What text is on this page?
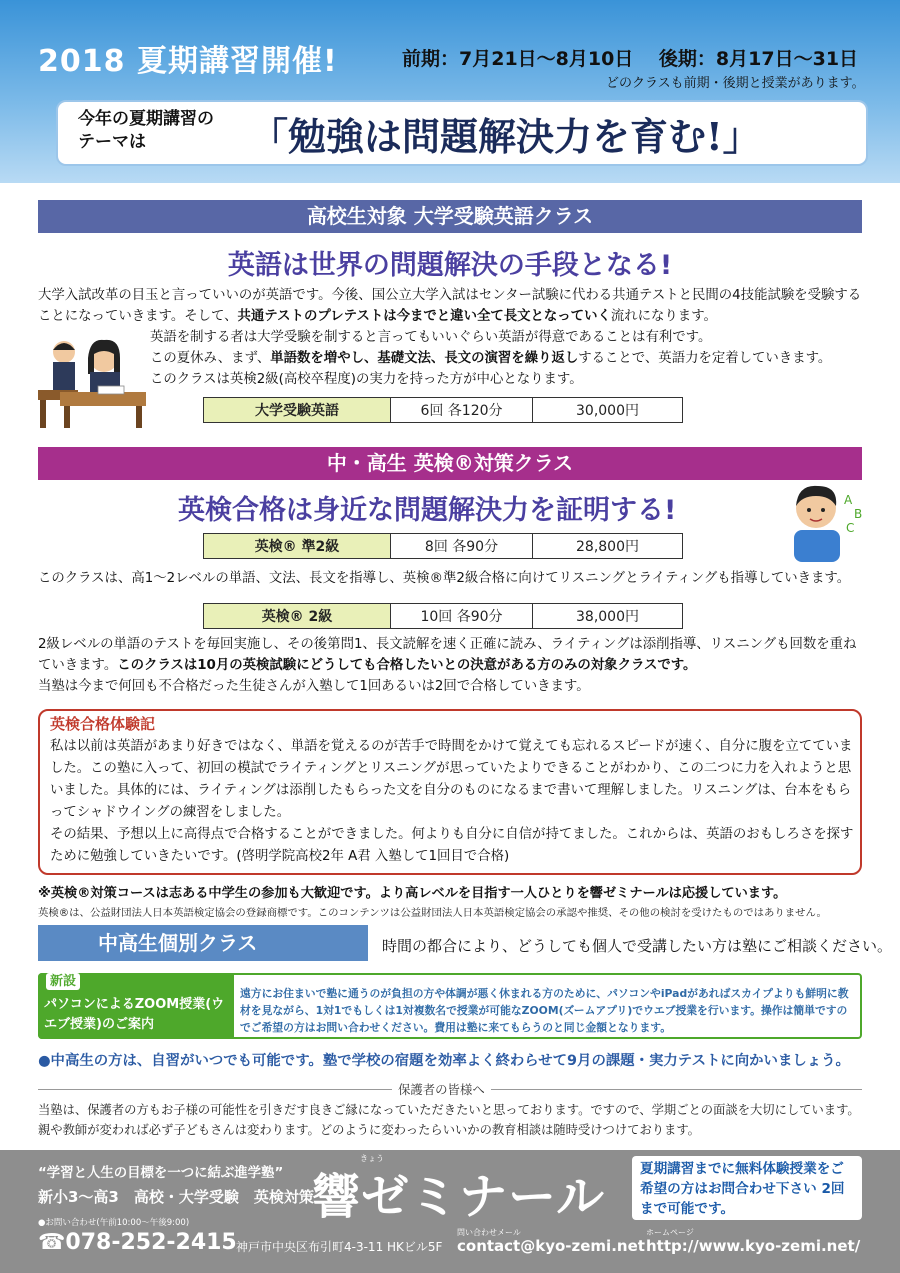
2018 夏期講習開催!	前期：7月21日～8月10日　 後期：8月17日～31日
どのクラスも前期・後期と授業があります。
今年の夏期講習の
テーマは	「勉強は問題解決力を育む!」
高校生対象 大学受験英語クラス
英語は世界の問題解決の手段となる!
大学入試改革の目玉と言っていいのが英語です。今後、国公立大学入試はセンター試験に代わる共通テストと民間の4技能試験を受験することになっていきます。そして、共通テストのプレテストは今までと違い全て長文となっていく流れになります。
英語を制する者は大学受験を制すると言ってもいいぐらい英語が得意であることは有利です。
この夏休み、まず、単語数を増やし、基礎文法、長文の演習を繰り返しすることで、英語力を定着していきます。
このクラスは英検2級(高校卒程度)の実力を持った方が中心となります。
大学受験英語	6回 各120分	30,000円
中・高生 英検®対策クラス
英検合格は身近な問題解決力を証明する!	A
B
C
英検® 準2級	8回 各90分	28,800円
このクラスは、高1～2レベルの単語、文法、長文を指導し、英検®準2級合格に向けてリスニングとライティングも指導していきます。
英検® 2級	10回 各90分	38,000円
2級レベルの単語のテストを毎回実施し、その後第問1、長文読解を速く正確に読み、ライティングは添削指導、リスニングも回数を重ねていきます。このクラスは10月の英検試験にどうしても合格したいとの決意がある方のみの対象クラスです。
当塾は今まで何回も不合格だった生徒さんが入塾して1回あるいは2回で合格していきます。
英検合格体験記
私は以前は英語があまり好きではなく、単語を覚えるのが苦手で時間をかけて覚えても忘れるスピードが速く、自分に腹を立てていました。この塾に入って、初回の模試でライティングとリスニングが思っていたよりできることがわかり、この二つに力を入れようと思いました。具体的には、ライティングは添削したもらった文を自分のものになるまで書いて理解しました。リスニングは、台本をもらってシャドウイングの練習をしました。
その結果、予想以上に高得点で合格することができました。何よりも自分に自信が持てました。これからは、英語のおもしろさを探すために勉強していきたいです。(啓明学院高校2年 A君 入塾して1回目で合格)
※英検®対策コースは志ある中学生の参加も大歓迎です。より高レベルを目指す一人ひとりを響ゼミナールは応援しています。
英検®は、公益財団法人日本英語検定協会の登録商標です。このコンテンツは公益財団法人日本英語検定協会の承認や推奨、その他の検討を受けたものではありません。
中高生個別クラス	時間の都合により、どうしても個人で受講したい方は塾にご相談ください。
新設
パソコンによるZOOM授業(ウエブ授業)のご案内
遠方にお住まいで塾に通うのが負担の方や体調が悪く休まれる方のために、パソコンやiPadがあればスカイプよりも鮮明に教材を見ながら、1対1でもしくは1対複数名で授業が可能なZOOM(ズームアプリ)でウエブ授業を行います。操作は簡単ですのでご希望の方はお問い合わせください。費用は塾に来てもらうのと同じ金額となります。
●中高生の方は、自習がいつでも可能です。塾で学校の宿題を効率よく終わらせて9月の課題・実力テストに向かいましょう。
保護者の皆様へ
当塾は、保護者の方もお子様の可能性を引きだす良きご縁になっていただきたいと思っております。ですので、学期ごとの面談を大切にしています。親や教師が変われば必ず子どもさんは変わります。どのように変わったらいいかの教育相談は随時受けつけております。
“学習と人生の目標を一つに結ぶ進学塾”
新小3～高3　高校・大学受験　英検対策
きょう
響ゼミナール	夏期講習までに無料体験授業をご希望の方はお問合わせ下さい 2回まで可能です。
●お問い合わせ(午前10:00～午後9:00)
☎078-252-2415 神戸市中央区布引町4-3-11 HKビル5F
問い合わせメール
contact@kyo-zemi.net
ホームページ
http://www.kyo-zemi.net/
